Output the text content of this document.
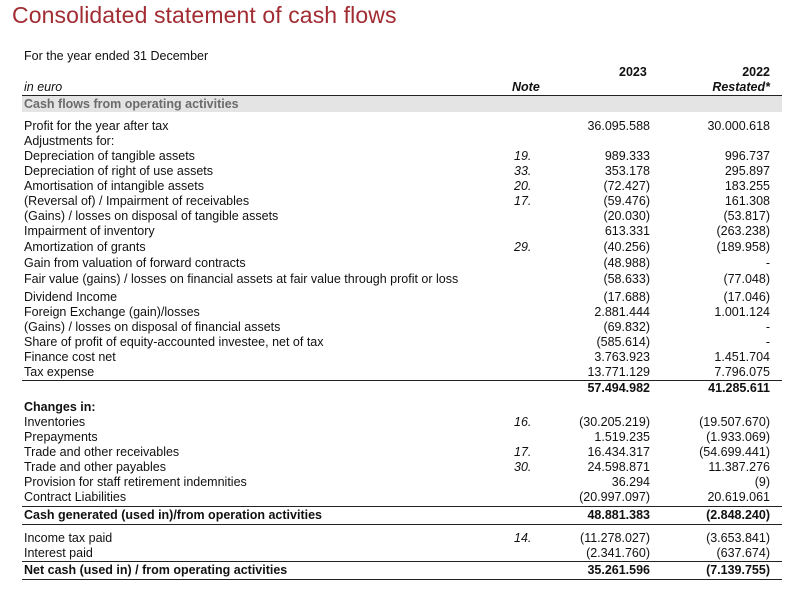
Consolidated statement of cash flows
For the year ended 31 December
2023	2022
in euro	Note	Restated*
Cash flows from operating activities
Profit for the year after tax	36.095.588	30.000.618
Adjustments for:
Depreciation of tangible assets	19.	989.333	996.737
Depreciation of right of use assets	33.	353.178	295.897
Amortisation of intangible assets	20.	(72.427)	183.255
(Reversal of) / Impairment of receivables	17.	(59.476)	161.308
(Gains) / losses on disposal of tangible assets	(20.030)	(53.817)
Impairment of inventory	613.331	(263.238)
Amortization of grants	29.	(40.256)	(189.958)
Gain from valuation of forward contracts	(48.988)	-
Fair value (gains) / losses on financial assets at fair value through profit or loss	(58.633)	(77.048)
Dividend Income	(17.688)	(17.046)
Foreign Exchange (gain)/losses	2.881.444	1.001.124
(Gains) / losses on disposal of financial assets	(69.832)	-
Share of profit of equity-accounted investee, net of tax	(585.614)	-
Finance cost net	3.763.923	1.451.704
Tax expense	13.771.129	7.796.075
57.494.982	41.285.611
Changes in:
Inventories	16.	(30.205.219)	(19.507.670)
Prepayments	1.519.235	(1.933.069)
Trade and other receivables	17.	16.434.317	(54.699.441)
Trade and other payables	30.	24.598.871	11.387.276
Provision for staff retirement indemnities	36.294	(9)
Contract Liabilities	(20.997.097)	20.619.061
Cash generated (used in)/from operation activities	48.881.383	(2.848.240)
Income tax paid	14.	(11.278.027)	(3.653.841)
Interest paid	(2.341.760)	(637.674)
Net cash (used in) / from operating activities	35.261.596	(7.139.755)
